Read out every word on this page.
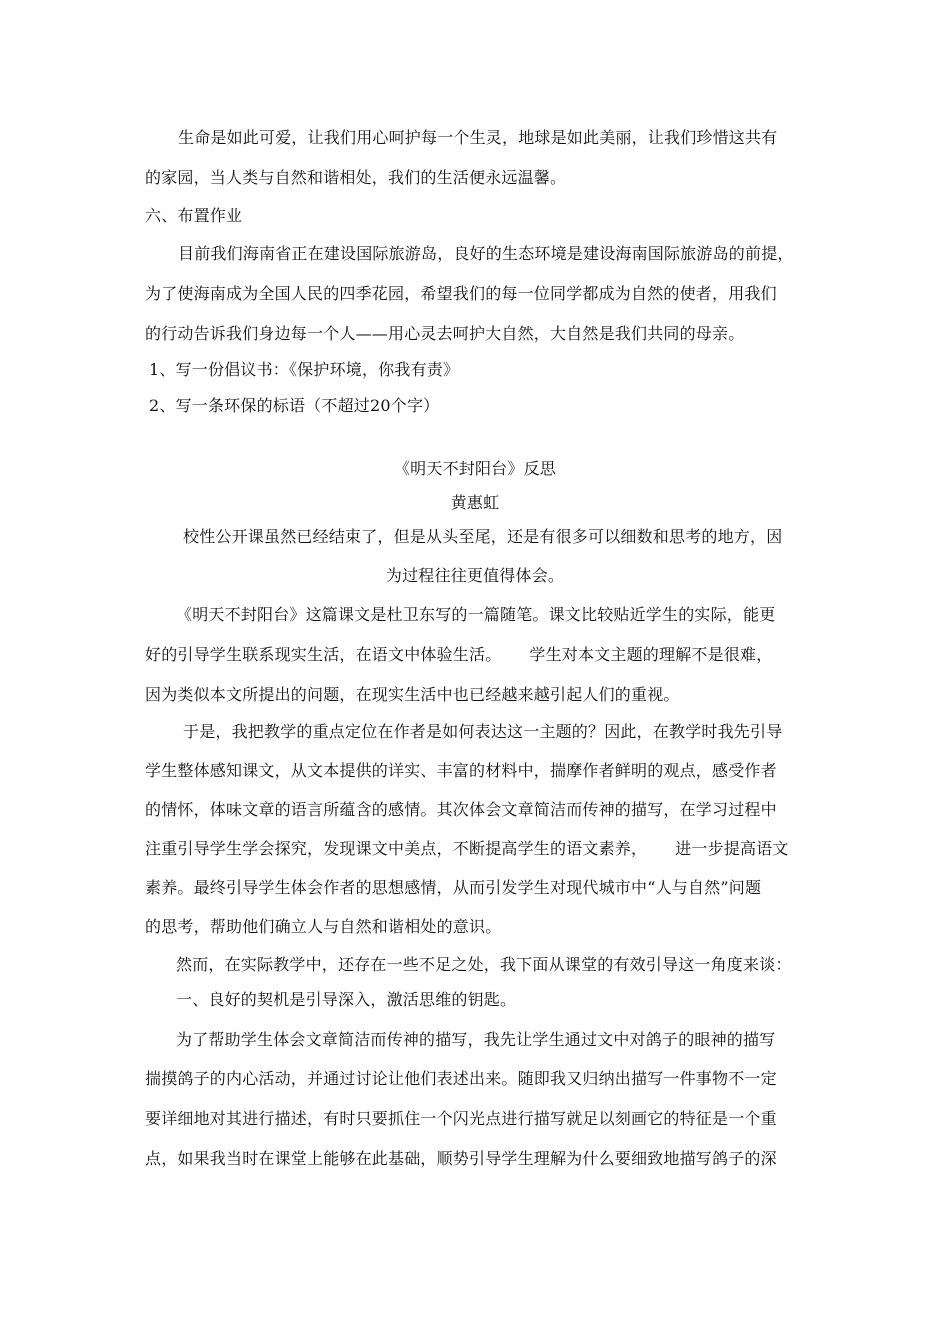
生命是如此可爱，让我们用心呵护每一个生灵，地球是如此美丽，让我们珍惜这共有
的家园，当人类与自然和谐相处，我们的生活便永远温馨。
六、布置作业
目前我们海南省正在建设国际旅游岛，良好的生态环境是建设海南国际旅游岛的前提，
为了使海南成为全国人民的四季花园，希望我们的每一位同学都成为自然的使者，用我们
的行动告诉我们身边每一个人——用心灵去呵护大自然，大自然是我们共同的母亲。
1、写一份倡议书：《保护环境，你我有责》
2、写一条环保的标语（不超过20个字）
《明天不封阳台》反思
黄惠虹
校性公开课虽然已经结束了，但是从头至尾，还是有很多可以细数和思考的地方，因
为过程往往更值得体会。
《明天不封阳台》这篇课文是杜卫东写的一篇随笔。课文比较贴近学生的实际，能更
好的引导学生联系现实生活，在语文中体验生活。 学生对本文主题的理解不是很难，
因为类似本文所提出的问题，在现实生活中也已经越来越引起人们的重视。
于是，我把教学的重点定位在作者是如何表达这一主题的？因此，在教学时我先引导
学生整体感知课文，从文本提供的详实、丰富的材料中，揣摩作者鲜明的观点，感受作者
的情怀，体味文章的语言所蕴含的感情。其次体会文章简洁而传神的描写，在学习过程中
注重引导学生学会探究，发现课文中美点，不断提高学生的语文素养， 进一步提高语文
素养。最终引导学生体会作者的思想感情，从而引发学生对现代城市中“人与自然”问题
的思考，帮助他们确立人与自然和谐相处的意识。
然而，在实际教学中，还存在一些不足之处，我下面从课堂的有效引导这一角度来谈：
一、良好的契机是引导深入，激活思维的钥匙。
为了帮助学生体会文章简洁而传神的描写，我先让学生通过文中对鸽子的眼神的描写
揣摸鸽子的内心活动，并通过讨论让他们表述出来。随即我又归纳出描写一件事物不一定
要详细地对其进行描述，有时只要抓住一个闪光点进行描写就足以刻画它的特征是一个重
点，如果我当时在课堂上能够在此基础，顺势引导学生理解为什么要细致地描写鸽子的深
